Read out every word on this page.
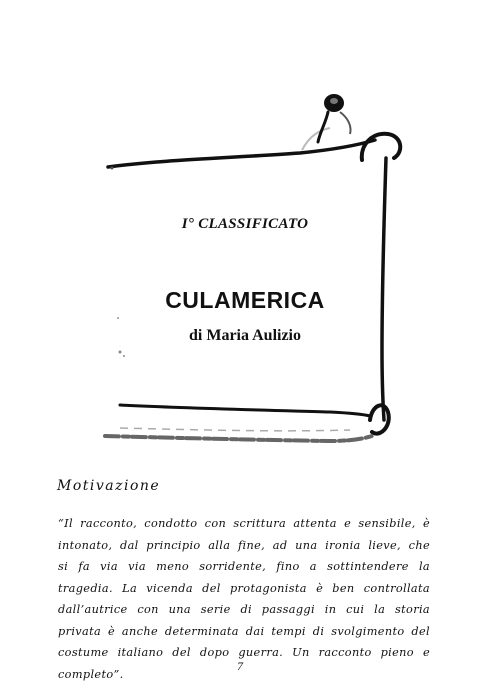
I° CLASSIFICATO
CULAMERICA
di Maria Aulizio
Motivazione
“Il racconto, condotto con scrittura attenta e sensibile, è intonato, dal principio alla fine, ad una ironia lieve, che si fa via via meno sorridente, fino a sottintendere la tragedia. La vicenda del protagonista è ben controllata dall’autrice con una serie di passaggi in cui la storia privata è anche determinata dai tempi di svolgimento del costume italiano del dopo guerra. Un racconto pieno e completo”.
7
